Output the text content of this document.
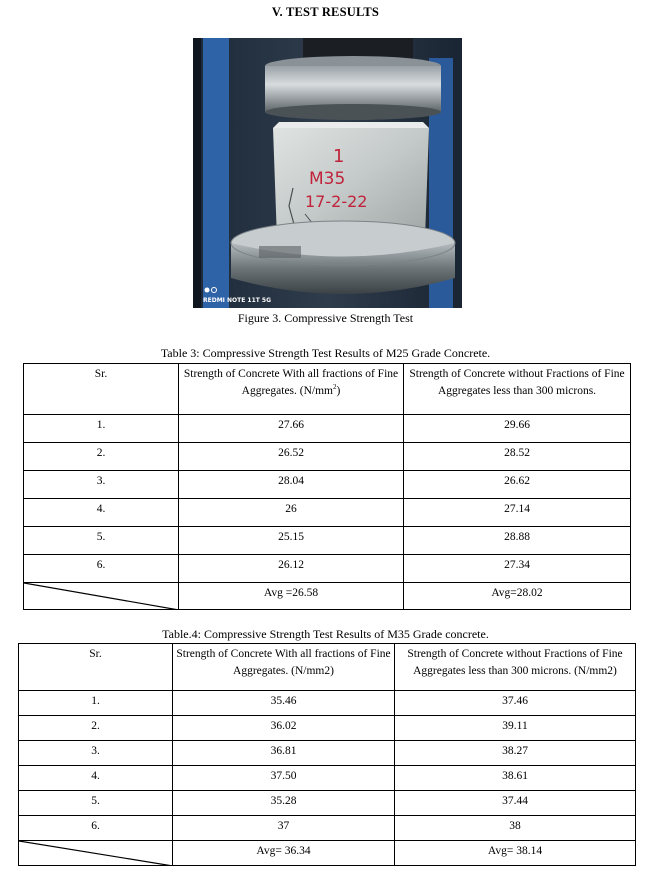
V. TEST RESULTS
1
M35
17-2-22
REDMI NOTE 11T 5G
Figure 3. Compressive Strength Test
Table 3: Compressive Strength Test Results of M25 Grade Concrete.
Sr.	Strength of Concrete With all fractions of Fine Aggregates. $(N/mm^2)$	Strength of Concrete without Fractions of Fine Aggregates less than 300 microns.

1.	27.66	29.66
2.	26.52	28.52
3.	28.04	26.62
4.	26	27.14
5.	25.15	28.88
6.	26.12	27.34

	Avg =26.58	Avg=28.02
Table.4: Compressive Strength Test Results of M35 Grade concrete.
Sr.	Strength of Concrete With all fractions of Fine Aggregates. (N/mm2)	Strength of Concrete without Fractions of Fine Aggregates less than 300 microns. (N/mm2)

1.	35.46	37.46
2.	36.02	39.11
3.	36.81	38.27
4.	37.50	38.61
5.	35.28	37.44
6.	37	38

	Avg= 36.34	Avg= 38.14
